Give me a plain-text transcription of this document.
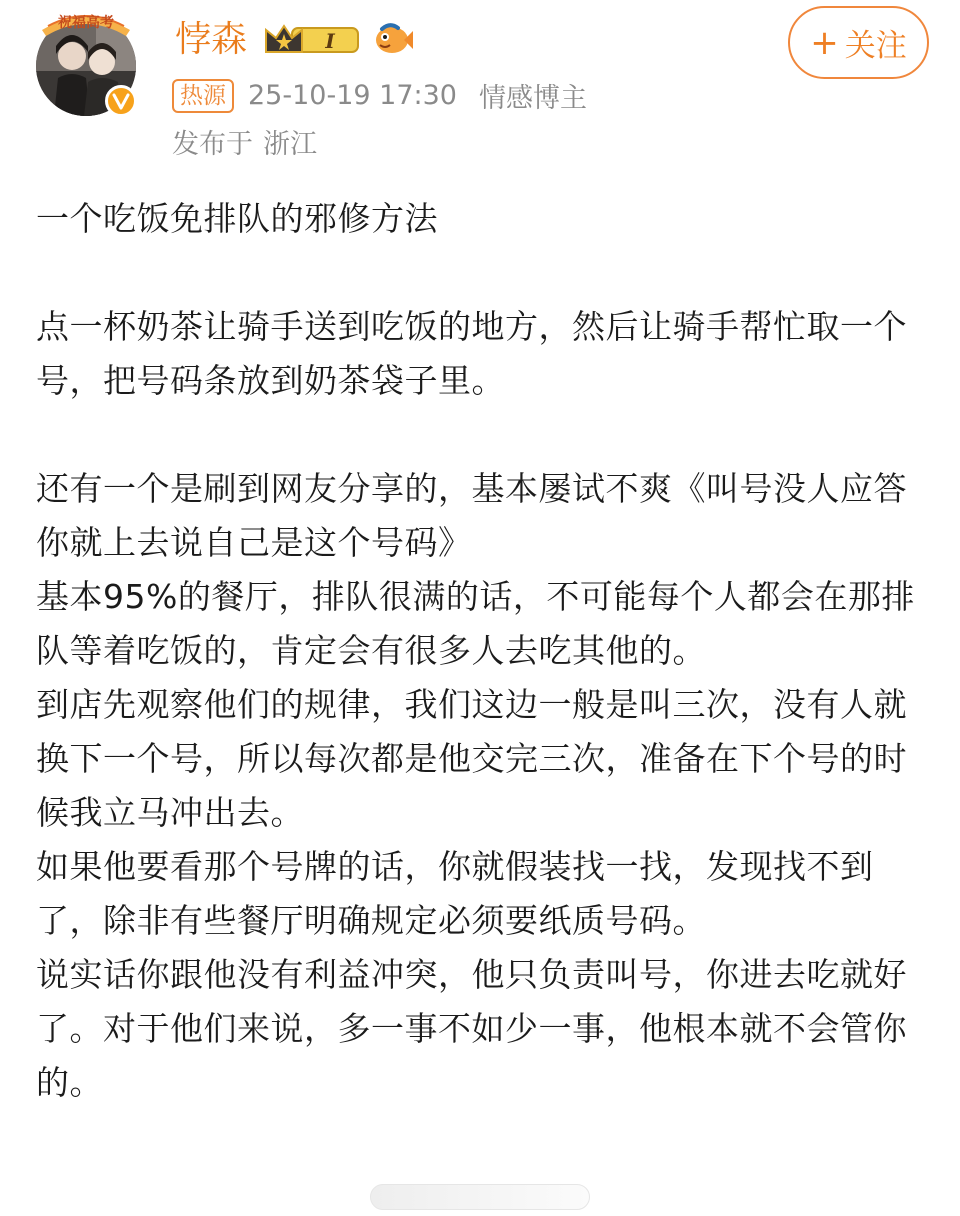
祝福高考 悖森	I	+ 关注
热源 25-10-19 17:30 情感博主
发布于 浙江

一个吃饭免排队的邪修方法

点一杯奶茶让骑手送到吃饭的地方，然后让骑手帮忙取一个号，把号码条放到奶茶袋子里。

还有一个是刷到网友分享的，基本屡试不爽《叫号没人应答你就上去说自己是这个号码》

基本95%的餐厅，排队很满的话，不可能每个人都会在那排队等着吃饭的，肯定会有很多人去吃其他的。

到店先观察他们的规律，我们这边一般是叫三次，没有人就换下一个号，所以每次都是他交完三次，准备在下个号的时候我立马冲出去。

如果他要看那个号牌的话，你就假装找一找，发现找不到了，除非有些餐厅明确规定必须要纸质号码。

说实话你跟他没有利益冲突，他只负责叫号，你进去吃就好了。对于他们来说，多一事不如少一事，他根本就不会管你的。
